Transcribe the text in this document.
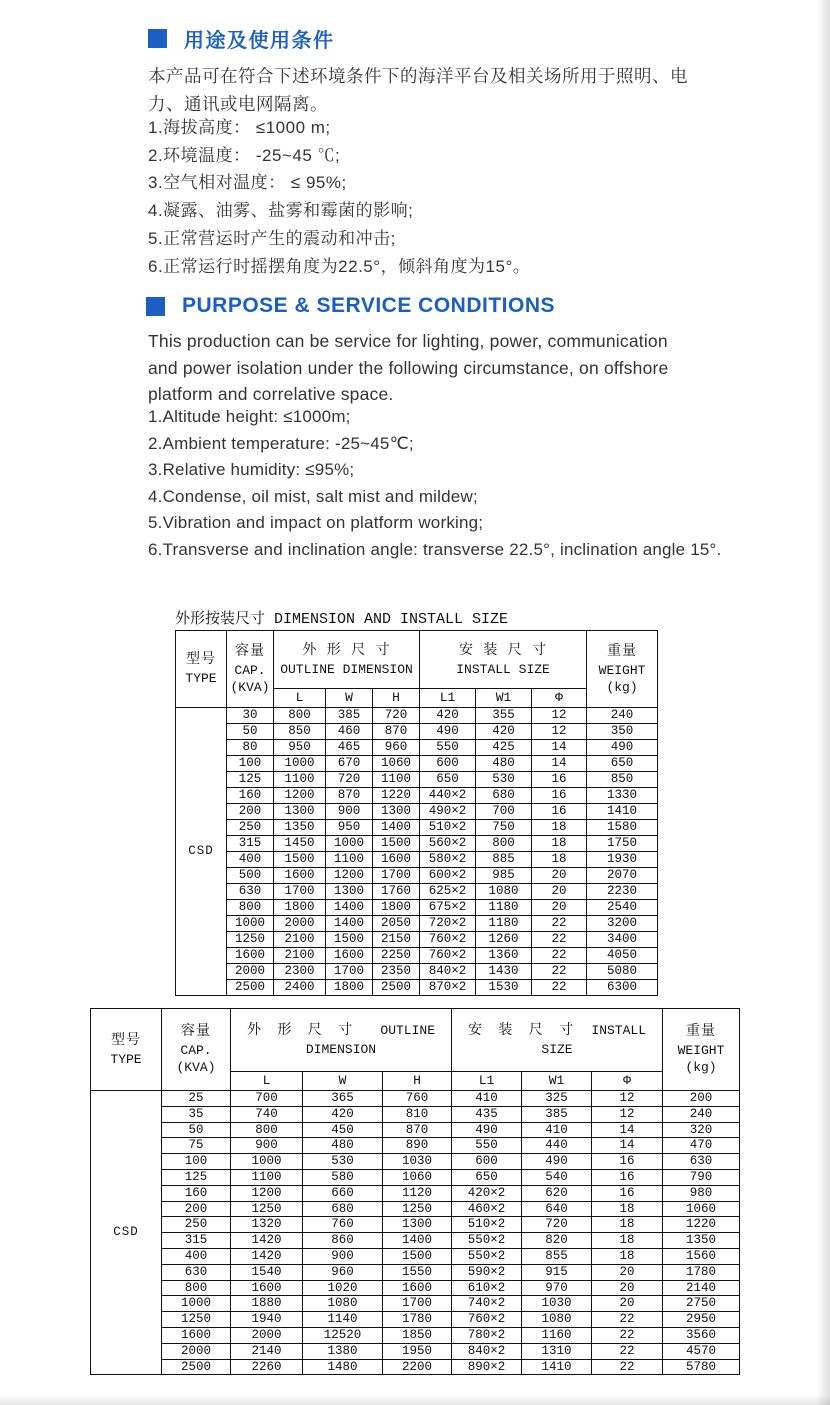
用途及使用条件

本产品可在符合下述环境条件下的海洋平台及相关场所用于照明、电力、通讯或电网隔离。

1.海拔高度： ≤1000 m;
2.环境温度： -25~45 ℃;
3.空气相对温度： ≤ 95%;
4.凝露、油雾、盐雾和霉菌的影响;
5.正常营运时产生的震动和冲击;
6.正常运行时摇摆角度为22.5°，倾斜角度为15°。
PURPOSE & SERVICE CONDITIONS

This production can be service for lighting, power, communication and power isolation under the following circumstance, on offshore platform and correlative space.

1.Altitude height: ≤1000m;
2.Ambient temperature: -25~45℃;
3.Relative humidity: ≤95%;
4.Condense, oil mist, salt mist and mildew;
5.Vibration and impact on platform working;
6.Transverse and inclination angle: transverse 22.5°, inclination angle 15°.
外形按装尺寸 DIMENSION AND INSTALL SIZE
型号
TYPE

容量
CAP.
(KVA)

外 形 尺 寸
OUTLINE DIMENSION

安 装 尺 寸
INSTALL SIZE

重量
WEIGHT
(kg)

		L	W	H	L1	W1	Φ	
CSD	30	800	385	720	420	355	12	240
	50	850	460	870	490	420	12	350
	80	950	465	960	550	425	14	490
	100	1000	670	1060	600	480	14	650
	125	1100	720	1100	650	530	16	850
	160	1200	870	1220	440×2	680	16	1330
	200	1300	900	1300	490×2	700	16	1410
	250	1350	950	1400	510×2	750	18	1580
	315	1450	1000	1500	560×2	800	18	1750
	400	1500	1100	1600	580×2	885	18	1930
	500	1600	1200	1700	600×2	985	20	2070
	630	1700	1300	1760	625×2	1080	20	2230
	800	1800	1400	1800	675×2	1180	20	2540
	1000	2000	1400	2050	720×2	1180	22	3200
	1250	2100	1500	2150	760×2	1260	22	3400
	1600	2100	1600	2250	760×2	1360	22	4050
	2000	2300	1700	2350	840×2	1430	22	5080
	2500	2400	1800	2500	870×2	1530	22	6300
型号
TYPE

容量
CAP.
(KVA)

外 形 尺 寸 OUTLINE
DIMENSION

安 装 尺 寸 INSTALL
SIZE

重量
WEIGHT
(kg)

		L	W	H	L1	W1	Φ	
CSD	25	700	365	760	410	325	12	200
	35	740	420	810	435	385	12	240
	50	800	450	870	490	410	14	320
	75	900	480	890	550	440	14	470
	100	1000	530	1030	600	490	16	630
	125	1100	580	1060	650	540	16	790
	160	1200	660	1120	420×2	620	16	980
	200	1250	680	1250	460×2	640	18	1060
	250	1320	760	1300	510×2	720	18	1220
	315	1420	860	1400	550×2	820	18	1350
	400	1420	900	1500	550×2	855	18	1560
	630	1540	960	1550	590×2	915	20	1780
	800	1600	1020	1600	610×2	970	20	2140
	1000	1880	1080	1700	740×2	1030	20	2750
	1250	1940	1140	1780	760×2	1080	22	2950
	1600	2000	12520	1850	780×2	1160	22	3560
	2000	2140	1380	1950	840×2	1310	22	4570
	2500	2260	1480	2200	890×2	1410	22	5780
